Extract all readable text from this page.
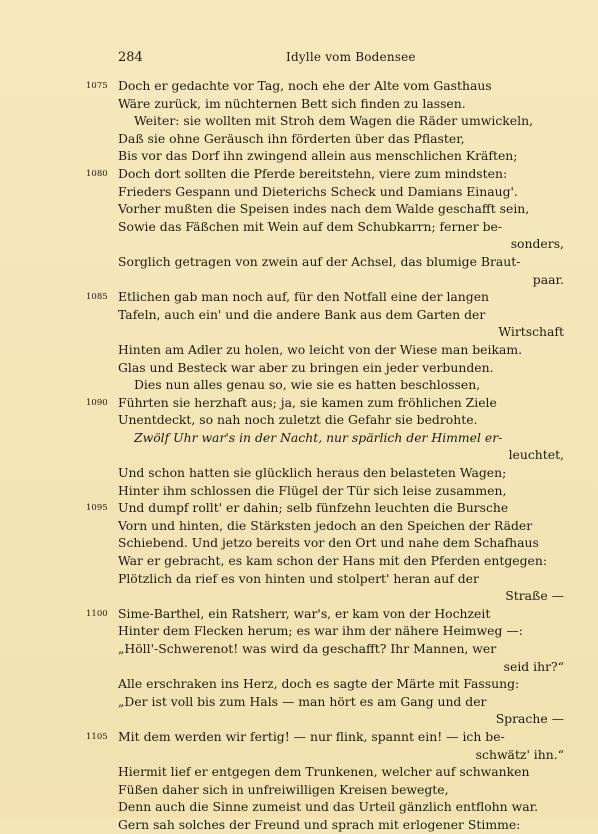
284	Idylle vom Bodensee
1075 Doch er gedachte vor Tag, noch ehe der Alte vom Gasthaus
Wäre zurück, im nüchternen Bett sich finden zu lassen.
Weiter: sie wollten mit Stroh dem Wagen die Räder umwickeln,
Daß sie ohne Geräusch ihn förderten über das Pflaster,
Bis vor das Dorf ihn zwingend allein aus menschlichen Kräften;
1080 Doch dort sollten die Pferde bereitstehn, viere zum mindsten:
Frieders Gespann und Dieterichs Scheck und Damians Einaug'.
Vorher mußten die Speisen indes nach dem Walde geschafft sein,
Sowie das Fäßchen mit Wein auf dem Schubkarrn; ferner be-
sonders,
Sorglich getragen von zwein auf der Achsel, das blumige Braut-
paar.
1085 Etlichen gab man noch auf, für den Notfall eine der langen
Tafeln, auch ein' und die andere Bank aus dem Garten der
Wirtschaft
Hinten am Adler zu holen, wo leicht von der Wiese man beikam.
Glas und Besteck war aber zu bringen ein jeder verbunden.
Dies nun alles genau so, wie sie es hatten beschlossen,
1090 Führten sie herzhaft aus; ja, sie kamen zum fröhlichen Ziele
Unentdeckt, so nah noch zuletzt die Gefahr sie bedrohte.
Zwölf Uhr war's in der Nacht, nur spärlich der Himmel er-
leuchtet,
Und schon hatten sie glücklich heraus den belasteten Wagen;
Hinter ihm schlossen die Flügel der Tür sich leise zusammen,
1095 Und dumpf rollt' er dahin; selb fünfzehn leuchten die Bursche
Vorn und hinten, die Stärksten jedoch an den Speichen der Räder
Schiebend. Und jetzo bereits vor den Ort und nahe dem Schafhaus
War er gebracht, es kam schon der Hans mit den Pferden entgegen:
Plötzlich da rief es von hinten und stolpert' heran auf der
Straße —
1100 Sime-Barthel, ein Ratsherr, war's, er kam von der Hochzeit
Hinter dem Flecken herum; es war ihm der nähere Heimweg —:
„Höll'-Schwerenot! was wird da geschafft? Ihr Mannen, wer
seid ihr?“
Alle erschraken ins Herz, doch es sagte der Märte mit Fassung:
„Der ist voll bis zum Hals — man hört es am Gang und der
Sprache —
1105 Mit dem werden wir fertig! — nur flink, spannt ein! — ich be-
schwätz' ihn.“
Hiermit lief er entgegen dem Trunkenen, welcher auf schwanken
Füßen daher sich in unfreiwilligen Kreisen bewegte,
Denn auch die Sinne zumeist und das Urteil gänzlich entflohn war.
Gern sah solches der Freund und sprach mit erlogener Stimme:
